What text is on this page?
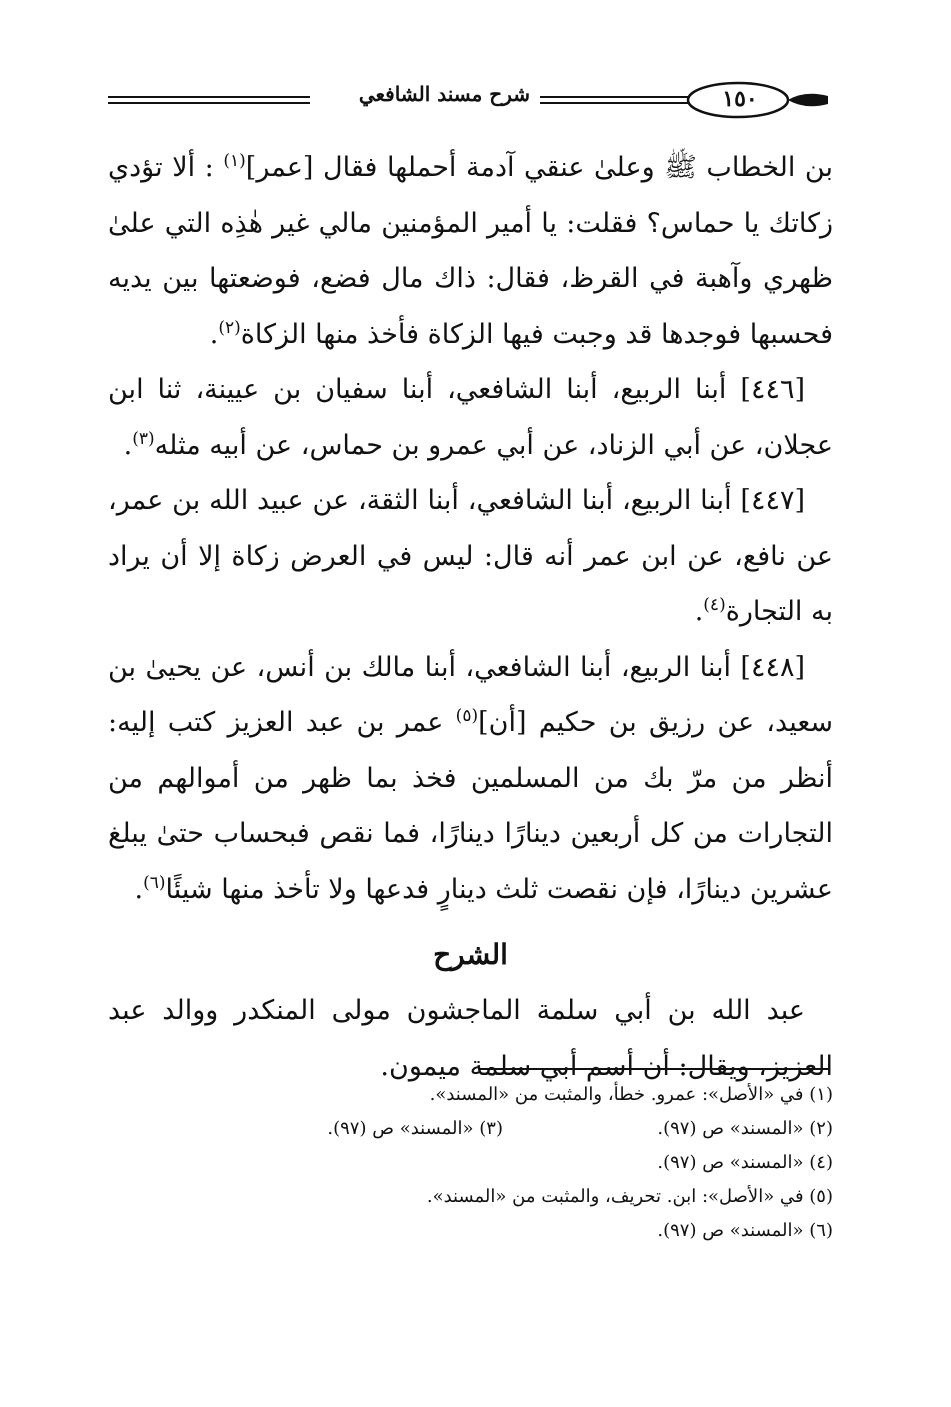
شرح مسند الشافعي	١٥٠

بن الخطاب ﷺ وعلىٰ عنقي آدمة أحملها فقال [عمر]$^{(١)}$ : ألا تؤدي زكاتك يا حماس؟ فقلت: يا أمير المؤمنين مالي غير هٰذِه التي علىٰ ظهري وآهبة في القرظ، فقال: ذاك مال فضع، فوضعتها بين يديه فحسبها فوجدها قد وجبت فيها الزكاة فأخذ منها الزكاة$^{(٢)}$.

[٤٤٦] أبنا الربيع، أبنا الشافعي، أبنا سفيان بن عيينة، ثنا ابن عجلان، عن أبي الزناد، عن أبي عمرو بن حماس، عن أبيه مثله$^{(٣)}$.

[٤٤٧] أبنا الربيع، أبنا الشافعي، أبنا الثقة، عن عبيد الله بن عمر، عن نافع، عن ابن عمر أنه قال: ليس في العرض زكاة إلا أن يراد به التجارة$^{(٤)}$.

[٤٤٨] أبنا الربيع، أبنا الشافعي، أبنا مالك بن أنس، عن يحيىٰ بن سعيد، عن رزيق بن حكيم [أن]$^{(٥)}$ عمر بن عبد العزيز كتب إليه: أنظر من مرّ بك من المسلمين فخذ بما ظهر من أموالهم من التجارات من كل أربعين دينارًا دينارًا، فما نقص فبحساب حتىٰ يبلغ عشرين دينارًا، فإن نقصت ثلث دينارٍ فدعها ولا تأخذ منها شيئًا$^{(٦)}$.

الشرح

عبد الله بن أبي سلمة الماجشون مولى المنكدر ووالد عبد العزيز، ويقال: أن أسم أبي سلمة ميمون.

(١) في «الأصل»: عمرو. خطأ، والمثبت من «المسند».
(٢) «المسند» ص (٩٧).
(٣) «المسند» ص (٩٧).
(٤) «المسند» ص (٩٧).
(٥) في «الأصل»: ابن. تحريف، والمثبت من «المسند».
(٦) «المسند» ص (٩٧).
